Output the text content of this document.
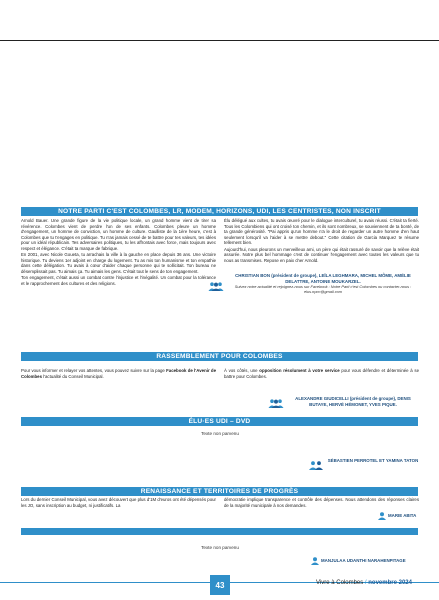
NOTRE PARTI C'EST COLOMBES, LR, MODEM, HORIZONS, UDI, LES CENTRISTES, NON INSCRIT

Arnold Bauer. Une grande figure de la vie politique locale, un grand homme vient de tirer sa révérence. Colombes vient de perdre l'un de ses enfants. Colombes pleure un homme d'engagement, un homme de conviction, un homme de culture. Gaulliste de la 1ère heure, c'est à Colombes que tu t'engages en politique. Tu n'as jamais cessé de te battre pour tes valeurs, tes idées pour un idéal républicain. Tes adversaires politiques, tu les affrontais avec force, mais toujours avec respect et élégance. C'était ta marque de fabrique.

En 2001, avec Nicole Goueta, tu arrachais la ville à la gauche en place depuis 36 ans. Une victoire historique. Tu deviens 1er adjoint en charge du logement. Tu as mis ton humanisme et ton empathie dans cette délégation. Tu avais à cœur d'aider chaque personne qui te sollicitait. Ton bureau ne désemplissait pas. Tu aimais ça. Tu aimais les gens. C'était tout le sens de ton engagement.

Ton engagement, c'était aussi un combat contre l'injustice et l'inégalité. Un combat pour la tolérance et le rapprochement des cultures et des religions.

Élu délégué aux cultes, tu avais œuvré pour le dialogue interculturel, tu avais réussi. C'était ta fierté. Tous les Colombiens qui ont croisé ton chemin, et ils sont nombreux, se souviennent de ta bonté, de ta grande générosité. "Pai appris qu'un homme n'a le droit de regarder un autre homme d'en haut seulement lorsqu'il va l'aider à se mettre debout." Cette citation de Garcia Marquez te résume tellement bien.

Aujourd'hui, nous pleurons un merveilleux ami, un père qui était rassuré de savoir que la relève était assurée. Notre plus bel hommage c'est de continuer l'engagement avec toutes les valeurs que tu nous as transmises. Repose en paix cher Arnold.

CHRISTIAN BON (président de groupe), LEÏLA LEGHMARA, MICHEL MÔME, AMÉLIE DELATTRE, ANTOINE MOUKARZEL.
Suivez notre actualité et rejoignez-nous sur Facebook : Notre Parti c'est Colombes ou contacter-nous : elus.npcc@gmail.com
RASSEMBLEMENT POUR COLOMBES

Pour vous informer et relayer vos attentes, vous pouvez suivre sur la page Facebook de l'Avenir de Colombes l'actualité du Conseil Municipal.

À vos côtés, une opposition résolument à votre service pour vous défendre et déterminée à se battre pour Colombes.

ALEXANDRE GIUDICELLI (président de groupe), DENIS BUTAYE, HERVÉ HÉMONET, YVES PIQUE.
ÉLU·ES UDI – DVD
Texte non parvenu
SÉBASTIEN PERROTEL ET YAMINA TATON
RENAISSANCE ET TERRITOIRES DE PROGRÈS

Lors du dernier Conseil Municipal, vous avez découvert que plus d'1M d'euros ont été dépensés pour les JO, sans inscription au budget, ni justificatifs. La

démocratie implique transparence et contrôle des dépenses. Nous attendons des réponses claires de la majorité municipale à nos demandes.

MARIE ABITA
Texte non parvenu
MANJULAA UDANTHI NARAHENPITAGE
43	Vivre à Colombes / novembre 2024
